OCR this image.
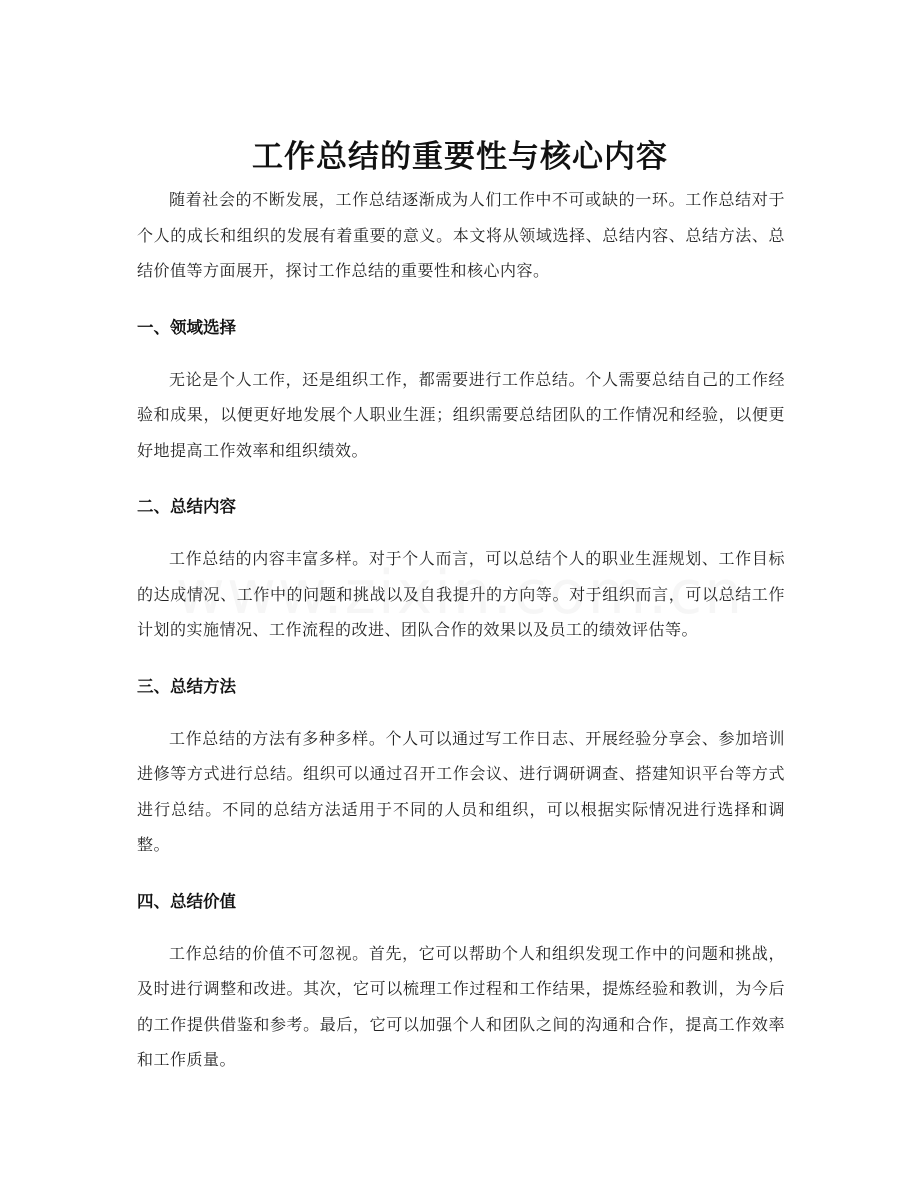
工作总结的重要性与核心内容

随着社会的不断发展，工作总结逐渐成为人们工作中不可或缺的一环。工作总结对于个人的成长和组织的发展有着重要的意义。本文将从领域选择、总结内容、总结方法、总结价值等方面展开，探讨工作总结的重要性和核心内容。

一、领域选择

无论是个人工作，还是组织工作，都需要进行工作总结。个人需要总结自己的工作经验和成果，以便更好地发展个人职业生涯；组织需要总结团队的工作情况和经验，以便更好地提高工作效率和组织绩效。

二、总结内容

工作总结的内容丰富多样。对于个人而言，可以总结个人的职业生涯规划、工作目标的达成情况、工作中的问题和挑战以及自我提升的方向等。对于组织而言，可以总结工作计划的实施情况、工作流程的改进、团队合作的效果以及员工的绩效评估等。

三、总结方法

工作总结的方法有多种多样。个人可以通过写工作日志、开展经验分享会、参加培训进修等方式进行总结。组织可以通过召开工作会议、进行调研调查、搭建知识平台等方式进行总结。不同的总结方法适用于不同的人员和组织，可以根据实际情况进行选择和调整。

四、总结价值

工作总结的价值不可忽视。首先，它可以帮助个人和组织发现工作中的问题和挑战，及时进行调整和改进。其次，它可以梳理工作过程和工作结果，提炼经验和教训，为今后的工作提供借鉴和参考。最后，它可以加强个人和团队之间的沟通和合作，提高工作效率和工作质量。
